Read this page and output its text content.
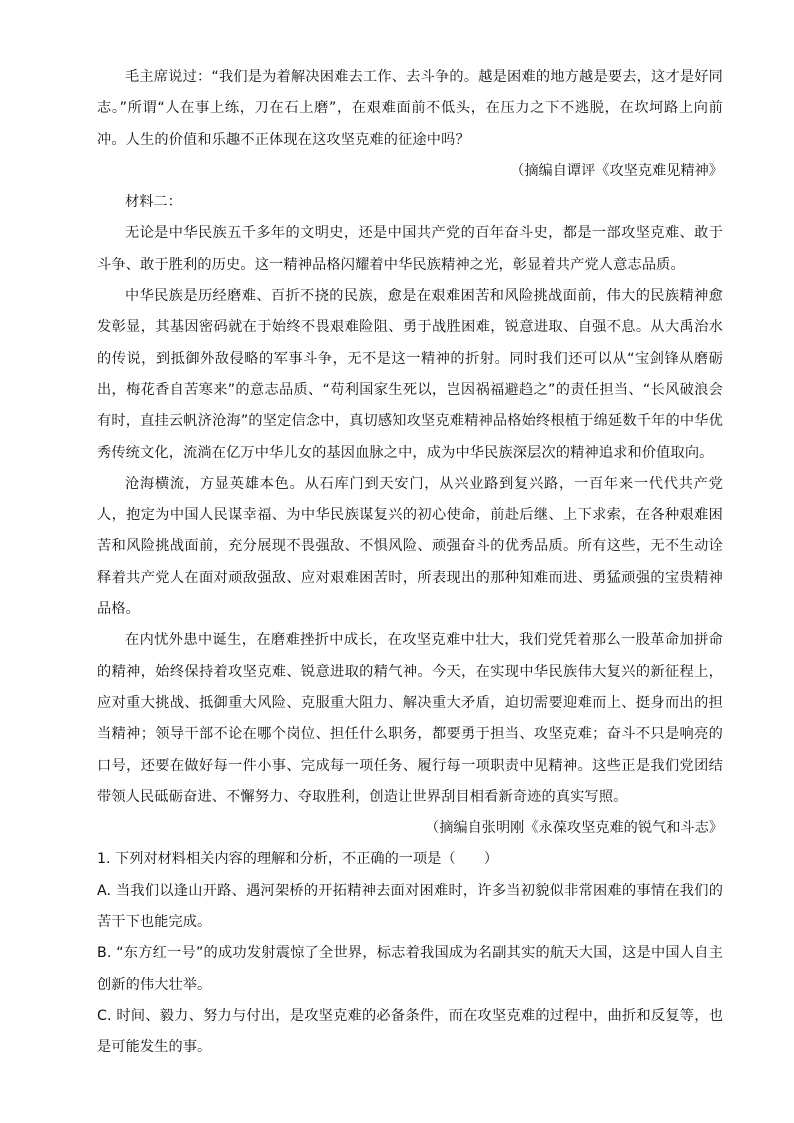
毛主席说过：“我们是为着解决困难去工作、去斗争的。越是困难的地方越是要去，这才是好同志。”所谓“人在事上练，刀在石上磨”，在艰难面前不低头，在压力之下不逃脱，在坎坷路上向前冲。人生的价值和乐趣不正体现在这攻坚克难的征途中吗？

（摘编自谭评《攻坚克难见精神》

材料二：

无论是中华民族五千多年的文明史，还是中国共产党的百年奋斗史，都是一部攻坚克难、敢于斗争、敢于胜利的历史。这一精神品格闪耀着中华民族精神之光，彰显着共产党人意志品质。

中华民族是历经磨难、百折不挠的民族，愈是在艰难困苦和风险挑战面前，伟大的民族精神愈发彰显，其基因密码就在于始终不畏艰难险阻、勇于战胜困难，锐意进取、自强不息。从大禹治水的传说，到抵御外敌侵略的军事斗争，无不是这一精神的折射。同时我们还可以从“宝剑锋从磨砺出，梅花香自苦寒来”的意志品质、“苟利国家生死以，岂因祸福避趋之”的责任担当、“长风破浪会有时，直挂云帆济沧海”的坚定信念中，真切感知攻坚克难精神品格始终根植于绵延数千年的中华优秀传统文化，流淌在亿万中华儿女的基因血脉之中，成为中华民族深层次的精神追求和价值取向。

沧海横流，方显英雄本色。从石库门到天安门，从兴业路到复兴路，一百年来一代代共产党人，抱定为中国人民谋幸福、为中华民族谋复兴的初心使命，前赴后继、上下求索，在各种艰难困苦和风险挑战面前，充分展现不畏强敌、不惧风险、顽强奋斗的优秀品质。所有这些，无不生动诠释着共产党人在面对顽敌强敌、应对艰难困苦时，所表现出的那种知难而进、勇猛顽强的宝贵精神品格。

在内忧外患中诞生，在磨难挫折中成长，在攻坚克难中壮大，我们党凭着那么一股革命加拼命的精神，始终保持着攻坚克难、锐意进取的精气神。今天，在实现中华民族伟大复兴的新征程上，应对重大挑战、抵御重大风险、克服重大阻力、解决重大矛盾，迫切需要迎难而上、挺身而出的担当精神；领导干部不论在哪个岗位、担任什么职务，都要勇于担当、攻坚克难；奋斗不只是响亮的口号，还要在做好每一件小事、完成每一项任务、履行每一项职责中见精神。这些正是我们党团结带领人民砥砺奋进、不懈努力、夺取胜利，创造让世界刮目相看新奇迹的真实写照。

（摘编自张明刚《永葆攻坚克难的锐气和斗志》

1. 下列对材料相关内容的理解和分析，不正确的一项是（　　）

A. 当我们以逢山开路、遇河架桥的开拓精神去面对困难时，许多当初貌似非常困难的事情在我们的苦干下也能完成。

B. “东方红一号”的成功发射震惊了全世界，标志着我国成为名副其实的航天大国，这是中国人自主创新的伟大壮举。

C. 时间、毅力、努力与付出，是攻坚克难的必备条件，而在攻坚克难的过程中，曲折和反复等，也是可能发生的事。
